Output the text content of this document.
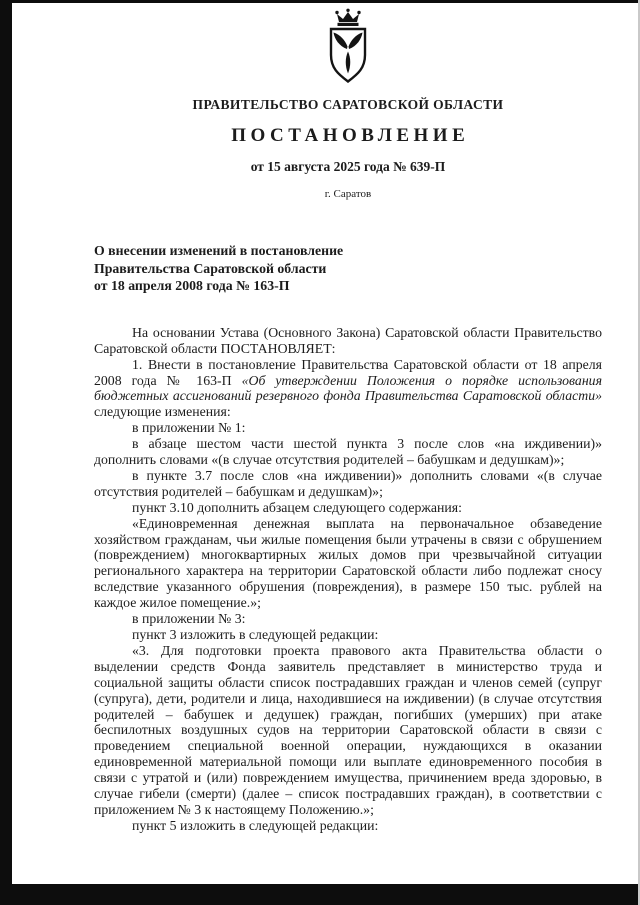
ПРАВИТЕЛЬСТВО САРАТОВСКОЙ ОБЛАСТИ
ПОСТАНОВЛЕНИЕ
от 15 августа 2025 года № 639-П
г. Саратов
О внесении изменений в постановление
Правительства Саратовской области
от 18 апреля 2008 года № 163-П

На основании Устава (Основного Закона) Саратовской области Правительство Саратовской области ПОСТАНОВЛЯЕТ:

1. Внести в постановление Правительства Саратовской области от 18 апреля 2008 года № 163-П «Об утверждении Положения о порядке использования бюджетных ассигнований резервного фонда Правительства Саратовской области» следующие изменения:

в приложении № 1:

в абзаце шестом части шестой пункта 3 после слов «на иждивении)» дополнить словами «(в случае отсутствия родителей – бабушкам и дедушкам)»;

в пункте 3.7 после слов «на иждивении)» дополнить словами «(в случае отсутствия родителей – бабушкам и дедушкам)»;

пункт 3.10 дополнить абзацем следующего содержания:

«Единовременная денежная выплата на первоначальное обзаведение хозяйством гражданам, чьи жилые помещения были утрачены в связи с обрушением (повреждением) многоквартирных жилых домов при чрезвычайной ситуации регионального характера на территории Саратовской области либо подлежат сносу вследствие указанного обрушения (повреждения), в размере 150 тыс. рублей на каждое жилое помещение.»;

в приложении № 3:

пункт 3 изложить в следующей редакции:

«3. Для подготовки проекта правового акта Правительства области о выделении средств Фонда заявитель представляет в министерство труда и социальной защиты области список пострадавших граждан и членов семей (супруг (супруга), дети, родители и лица, находившиеся на иждивении) (в случае отсутствия родителей – бабушек и дедушек) граждан, погибших (умерших) при атаке беспилотных воздушных судов на территории Саратовской области в связи с проведением специальной военной операции, нуждающихся в оказании единовременной материальной помощи или выплате единовременного пособия в связи с утратой и (или) повреждением имущества, причинением вреда здоровью, в случае гибели (смерти) (далее – список пострадавших граждан), в соответствии с приложением № 3 к настоящему Положению.»;

пункт 5 изложить в следующей редакции:
